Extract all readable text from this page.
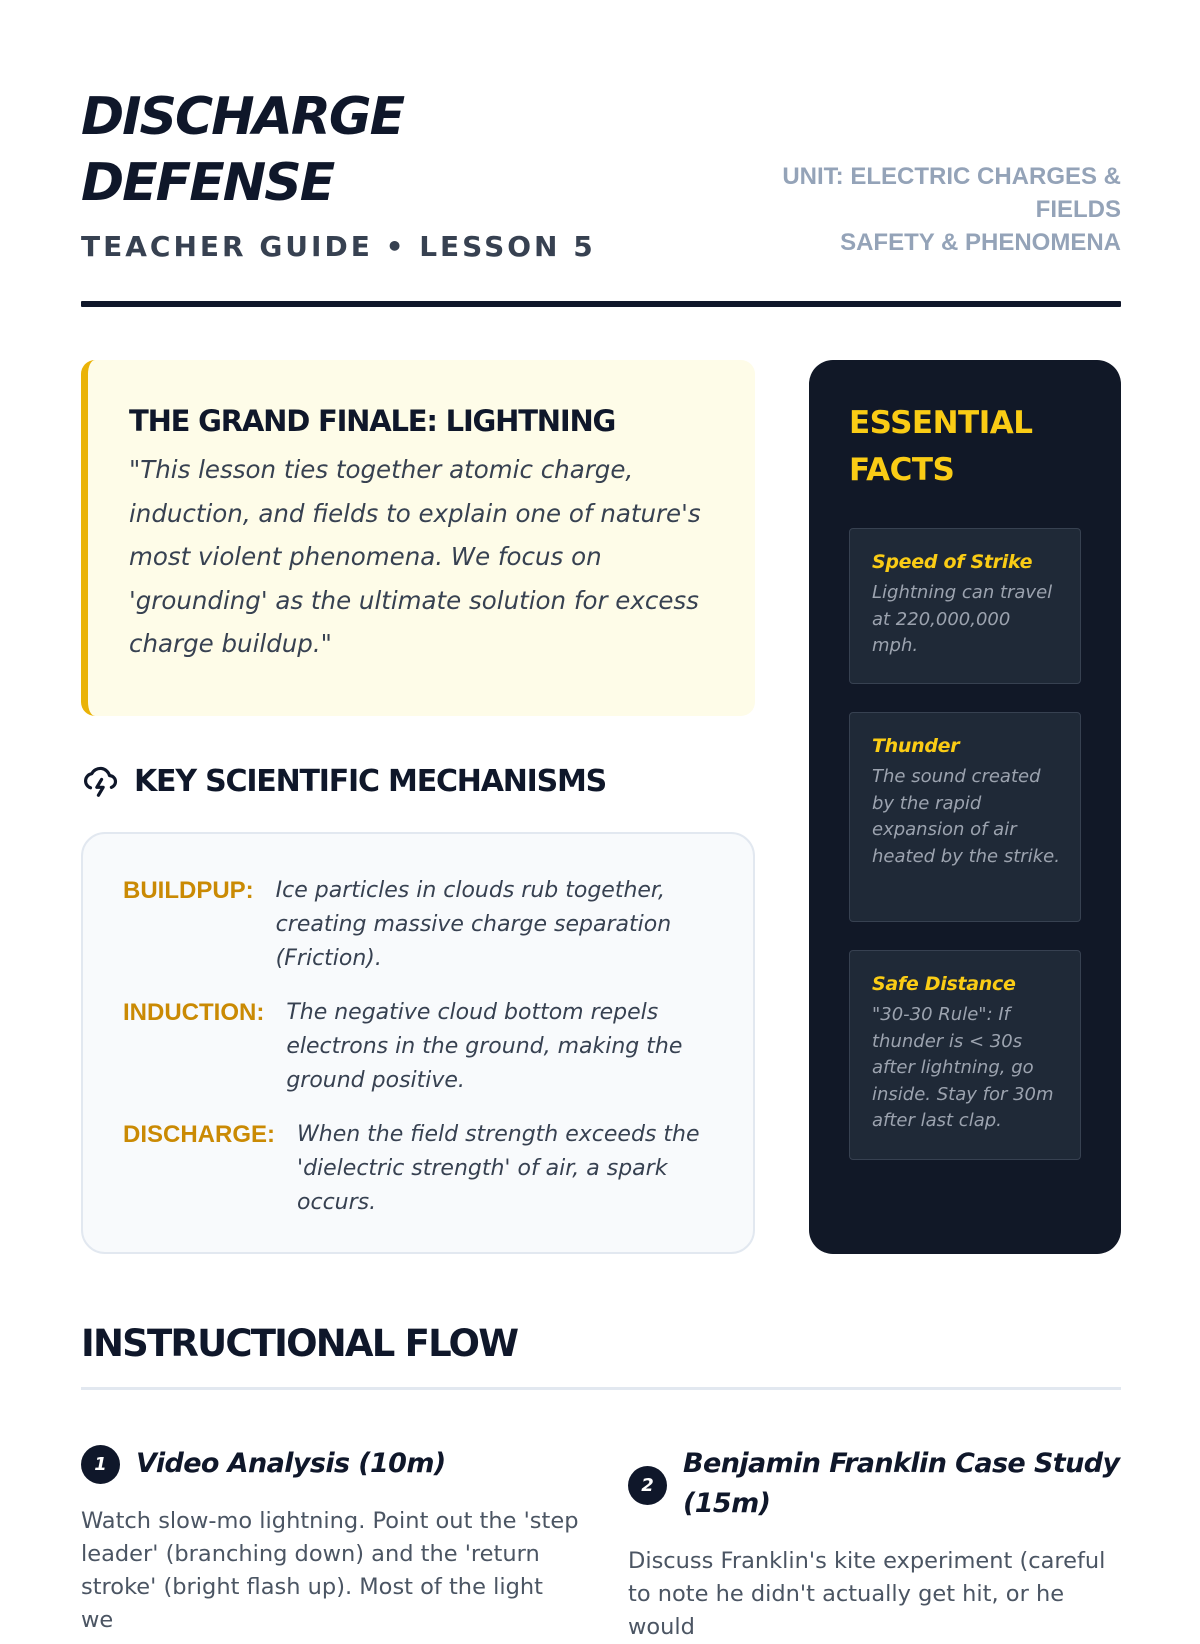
DISCHARGE
DEFENSE
TEACHER GUIDE • LESSON 5
UNIT: ELECTRIC CHARGES &
FIELDS
SAFETY & PHENOMENA
THE GRAND FINALE: LIGHTNING

"This lesson ties together atomic charge, induction, and fields to explain one of nature's most violent phenomena. We focus on 'grounding' as the ultimate solution for excess charge buildup."

KEY SCIENTIFIC MECHANISMS
BUILDPUP: Ice particles in clouds rub together, creating massive charge separation (Friction).
INDUCTION: The negative cloud bottom repels electrons in the ground, making the ground positive.
DISCHARGE: When the field strength exceeds the 'dielectric strength' of air, a spark occurs.
ESSENTIAL
FACTS
Speed of Strike
Lightning can travel at 220,000,000 mph.
Thunder
The sound created by the rapid expansion of air heated by the strike.
Safe Distance
"30-30 Rule": If thunder is < 30s after lightning, go inside. Stay for 30m after last clap.
INSTRUCTIONAL FLOW
1	Video Analysis (10m)

Watch slow-mo lightning. Point out the 'step leader' (branching down) and the 'return stroke' (bright flash up). Most of the light we

2
Benjamin Franklin Case Study (15m)

Discuss Franklin's kite experiment (careful to note he didn't actually get hit, or he would
